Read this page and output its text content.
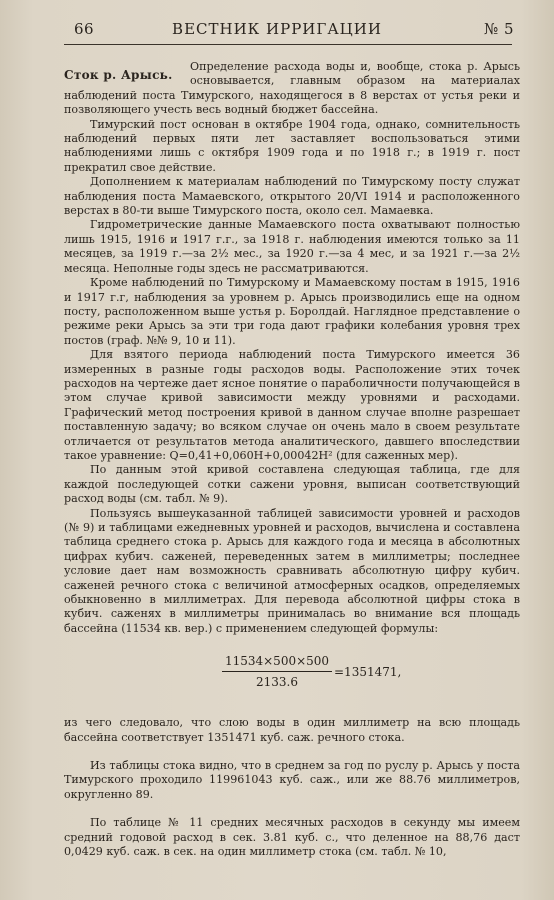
66	ВЕСТНИК ИРРИГАЦИИ	№ 5
Сток р. Арысь.

Определение расхода воды и, вообще, стока р. Арысь основывается, главным образом на материалах наблюдений поста Тимурского, находящегося в 8 верстах от устья реки и позволяющего учесть весь водный бюджет бассейна.

Тимурский пост основан в октябре 1904 года, однако, сомнительность наблюдений первых пяти лет заставляет воспользоваться этими наблюдениями лишь с октября 1909 года и по 1918 г.; в 1919 г. пост прекратил свое действие.

Дополнением к материалам наблюдений по Тимурскому посту служат наблюдения поста Мамаевского, открытого 20/VI 1914 и расположенного верстах в 80-ти выше Тимурского поста, около сел. Мамаевка.

Гидрометрические данные Мамаевского поста охватывают полностью лишь 1915, 1916 и 1917 г.г., за 1918 г. наблюдения имеются только за 11 месяцев, за 1919 г.—за 2½ мес., за 1920 г.—за 4 мес, и за 1921 г.—за 2½ месяца. Неполные годы здесь не рассматриваются.

Кроме наблюдений по Тимурскому и Мамаевскому постам в 1915, 1916 и 1917 г.г, наблюдения за уровнем р. Арысь производились еще на одном посту, расположенном выше устья р. Боролдай. Наглядное представление о режиме реки Арысь за эти три года дают графики колебания уровня трех постов (граф. №№ 9, 10 и 11).

Для взятого периода наблюдений поста Тимурского имеется 36 измеренных в разные годы расходов воды. Расположение этих точек расходов на чертеже дает ясное понятие о параболичности получающейся в этом случае кривой зависимости между уровнями и расходами. Графический метод построения кривой в данном случае вполне разрешает поставленную задачу; во всяком случае он очень мало в своем результате отличается от результатов метода аналитического, давшего впоследствии такое уравнение: Q=0,41+0,060H+0,00042H² (для саженных мер).

По данным этой кривой составлена следующая таблица, где для каждой последующей сотки сажени уровня, выписан соответствующий расход воды (см. табл. № 9).

Пользуясь вышеуказанной таблицей зависимости уровней и расходов (№ 9) и таблицами ежедневных уровней и расходов, вычислена и составлена таблица среднего стока р. Арысь для каждого года и месяца в абсолютных цифрах кубич. саженей, переведенных затем в миллиметры; последнее условие дает нам возможность сравнивать абсолютную цифру кубич. саженей речного стока с величиной атмосферных осадков, определяемых обыкновенно в миллиметрах. Для перевода абсолютной цифры стока в кубич. саженях в миллиметры принималась во внимание вся площадь бассейна (11534 кв. вер.) с применением следующей формулы:

$\frac{11534\times 500\times 500}{2133.6} =1351471$,

из чего следовало, что слою воды в один миллиметр на всю площадь бассейна соответствует 1351471 куб. саж. речного стока.

Из таблицы стока видно, что в среднем за год по руслу р. Арысь у поста Тимурского проходило 119961043 куб. саж., или же 88.76 миллиметров, округленно 89.

По таблице № 11 средних месячных расходов в секунду мы имеем средний годовой расход в сек. 3.81 куб. с., что деленное на 88,76 даст 0,0429 куб. саж. в сек. на один миллиметр стока (см. табл. № 10,
